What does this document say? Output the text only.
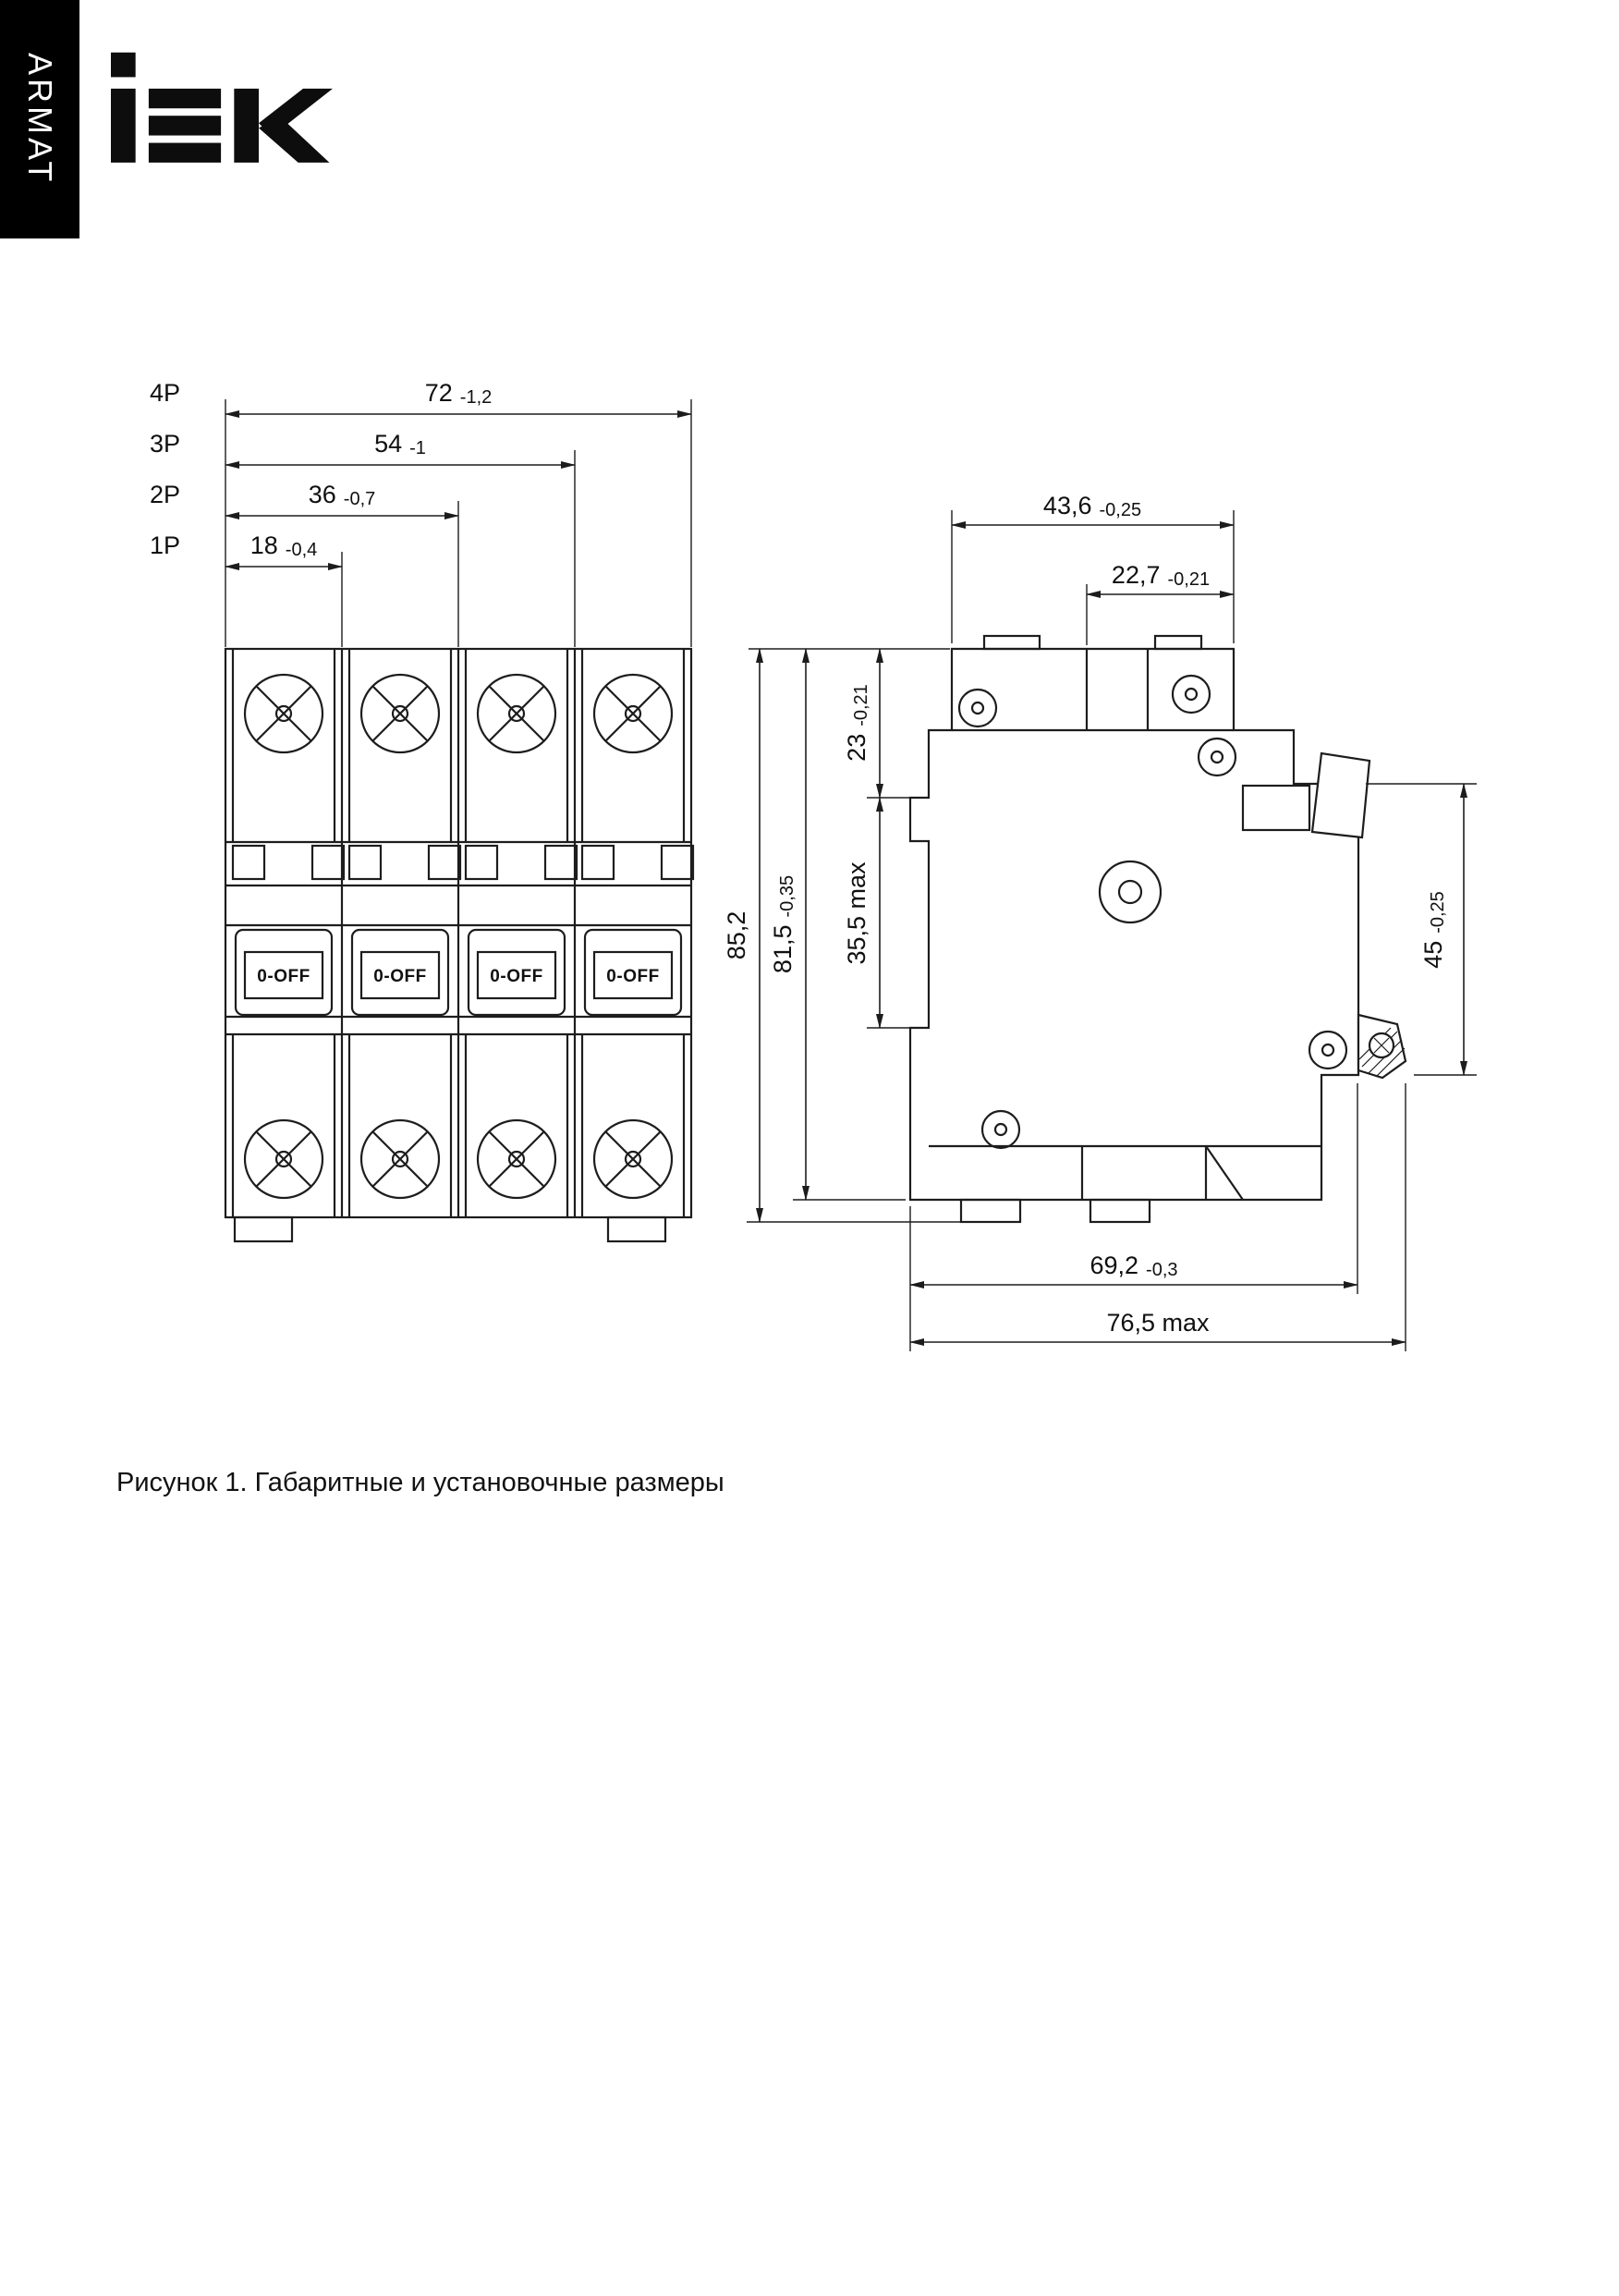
ARMAT
0-OFF	0-OFF	0-OFF	0-OFF
4P
3P
2P
1P
72 -1,2
54 -1
36 -0,7
18 -0,4
43,6 -0,25
22,7 -0,21
23-0,21
35,5 max
81,5-0,35
85,2	45-0,25
69,2 -0,3
76,5 max
Рисунок 1. Габаритные и установочные размеры
